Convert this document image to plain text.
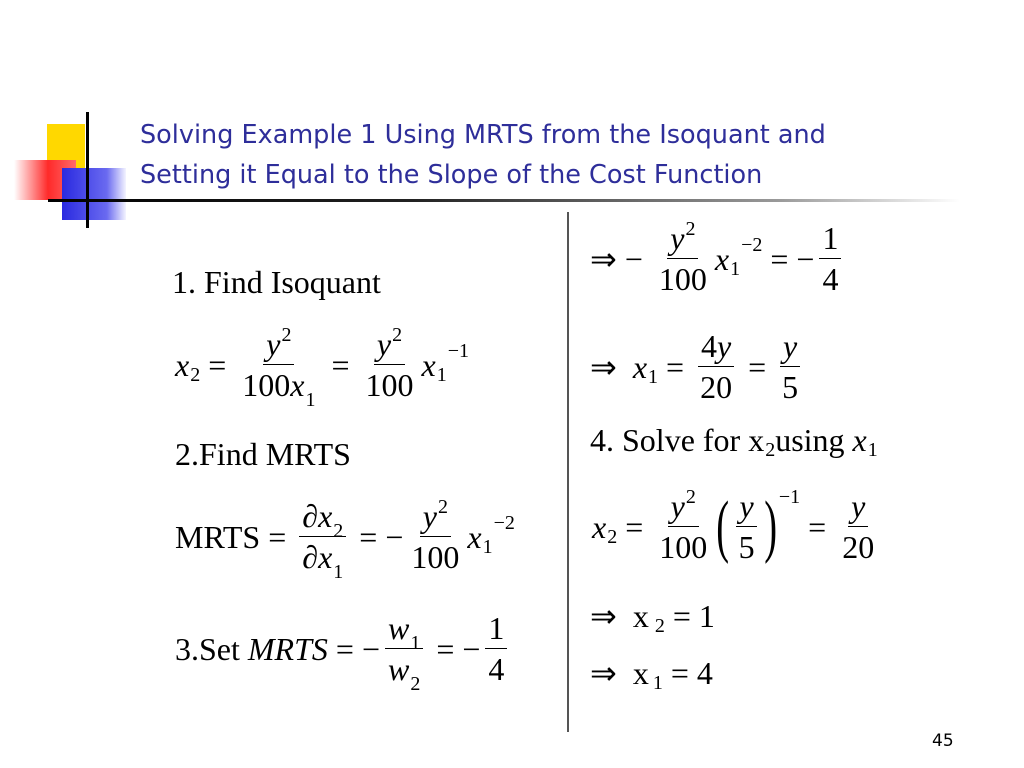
Solving Example 1 Using MRTS from the Isoquant and
Setting it Equal to the Slope of the Cost Function
1. Find Isoquant
x $2 = \frac{y^2}{100x_1} = \frac{y^2}{100}$ x 1
−1
2.Find MRTS
MRTS = $\frac{\partial x_2}{\partial x_1}$ = − $\frac{y^2}{100}$ x 1
−2
3.Set
MRTS = − $\frac{w_1}{w_2}$ = − $\frac{1}{4}$
⇒ − $\frac{y^2}{100}$ x 1
−2 = − $\frac{1}{4}$
⇒ x $1 = \frac{4y}{20} = \frac{y}{5}$
4. Solve for x 2 using
x 1
x $2 = \frac{y^2}{100}$ ( $\frac{y}{5}$ ) −1
= $\frac{y}{20}$
⇒ x 2 = 1
⇒ x 1 = 4
45
